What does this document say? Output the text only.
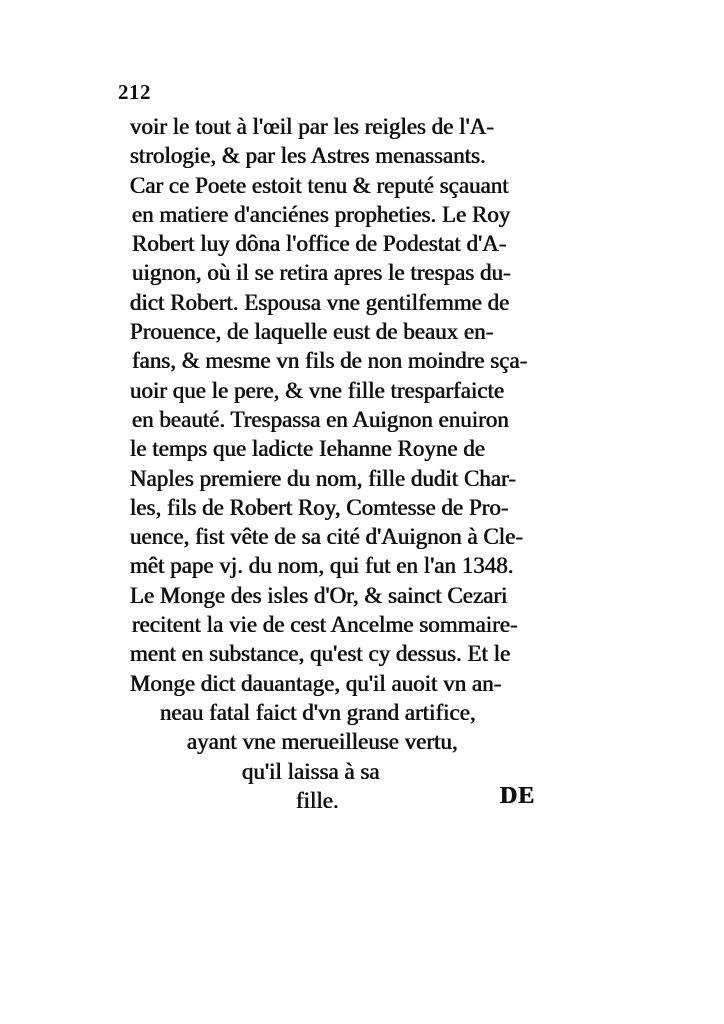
212
voir le tout à l'œil par les reigles de l'A-
strologie, & par les Astres menassants.
Car ce Poete estoit tenu & reputé sçauant
en matiere d'anciénes propheties. Le Roy
Robert luy dôna l'office de Podestat d'A-
uignon, où il se retira apres le trespas du-
dict Robert. Espousa vne gentilfemme de
Prouence, de laquelle eust de beaux en-
fans, & mesme vn fils de non moindre sça-
uoir que le pere, & vne fille tresparfaicte
en beauté. Trespassa en Auignon enuiron
le temps que ladicte Iehanne Royne de
Naples premiere du nom, fille dudit Char-
les, fils de Robert Roy, Comtesse de Pro-
uence, fist vête de sa cité d'Auignon à Cle-
mêt pape vj. du nom, qui fut en l'an 1348.
Le Monge des isles d'Or, & sainct Cezari
recitent la vie de cest Ancelme sommaire-
ment en substance, qu'est cy dessus. Et le
Monge dict dauantage, qu'il auoit vn an-
neau fatal faict d'vn grand artifice,
ayant vne merueilleuse vertu,
qu'il laissa à sa
fille.	DE
